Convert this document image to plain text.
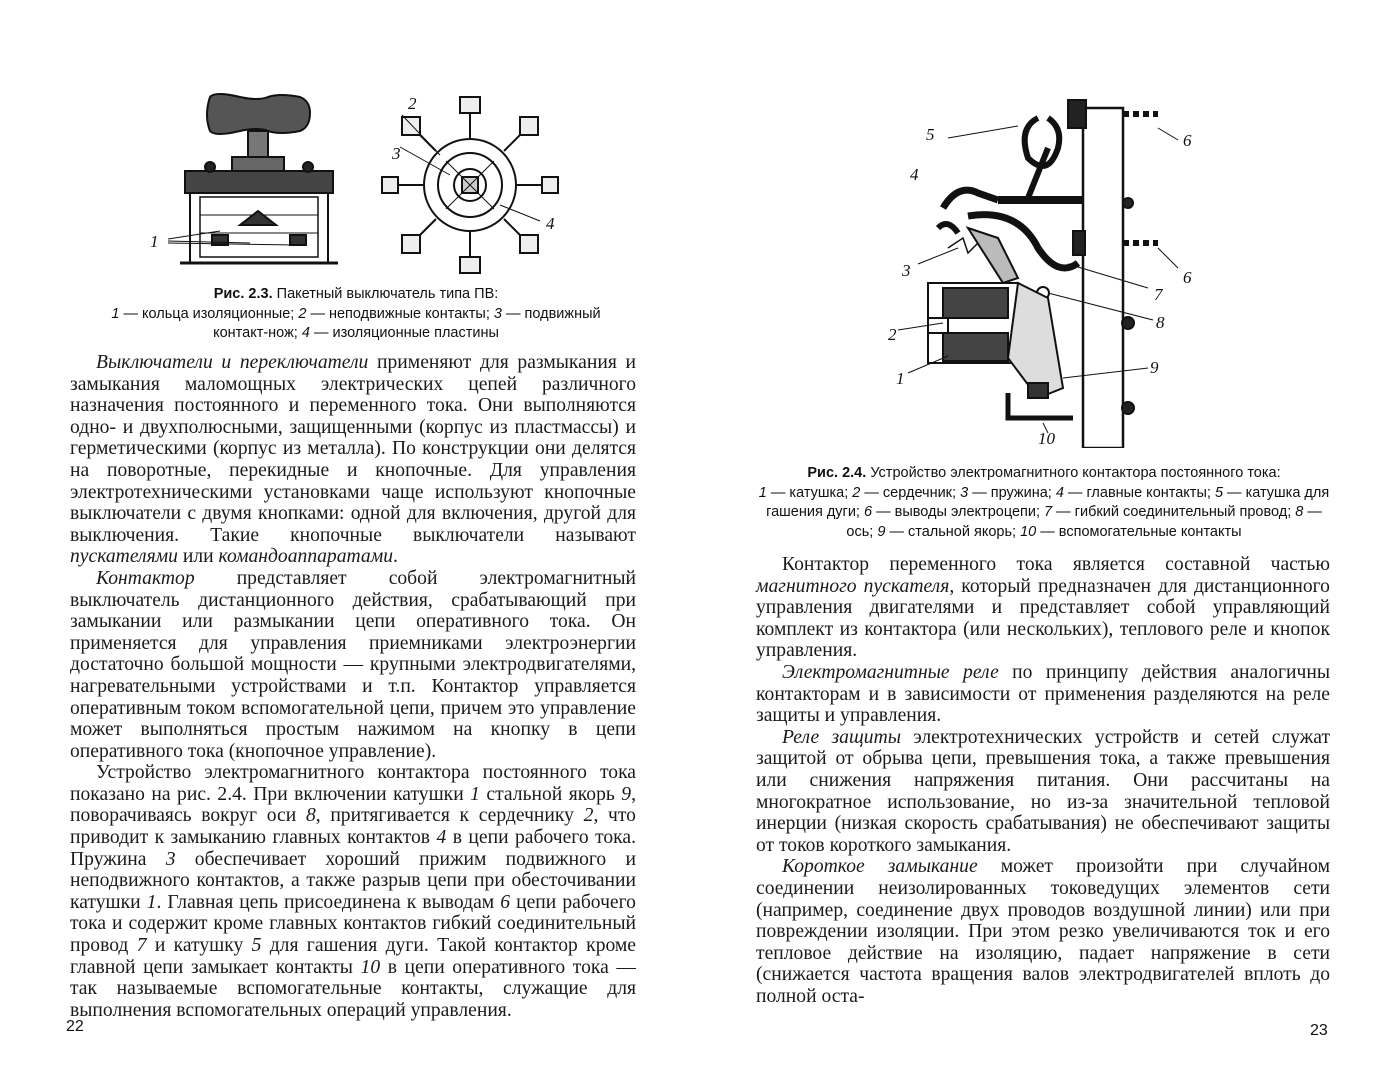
1
2
3
4
Рис. 2.3. Пакетный выключатель типа ПВ:
1 — кольца изоляционные; 2 — неподвижные контакты; 3 — подвижный контакт-нож; 4 — изоляционные пластины

Выключатели и переключатели применяют для размыкания и замыкания маломощных электрических цепей различного назначения постоянного и переменного тока. Они выполняются одно- и двухполюсными, защищенными (корпус из пластмассы) и герметическими (корпус из металла). По конструкции они делятся на поворотные, перекидные и кнопочные. Для управления электротехническими установками чаще используют кнопочные выключатели с двумя кнопками: одной для включения, другой для выключения. Такие кнопочные выключатели называют пускателями или командоаппаратами.

Контактор представляет собой электромагнитный выключатель дистанционного действия, срабатывающий при замыкании или размыкании цепи оперативного тока. Он применяется для управления приемниками электроэнергии достаточно большой мощности — крупными электродвигателями, нагревательными устройствами и т.п. Контактор управляется оперативным током вспомогательной цепи, причем это управление может выполняться простым нажимом на кнопку в цепи оперативного тока (кнопочное управление).

Устройство электромагнитного контактора постоянного тока показано на рис. 2.4. При включении катушки 1 стальной якорь 9, поворачиваясь вокруг оси 8, притягивается к сердечнику 2, что приводит к замыканию главных контактов 4 в цепи рабочего тока. Пружина 3 обеспечивает хороший прижим подвижного и неподвижного контактов, а также разрыв цепи при обесточивании катушки 1. Главная цепь присоединена к выводам 6 цепи рабочего тока и содержит кроме главных контактов гибкий соединительный провод 7 и катушку 5 для гашения дуги. Такой контактор кроме главной цепи замыкает контакты 10 в цепи оперативного тока — так называемые вспомогательные контакты, служащие для выполнения вспомогательных операций управления.

22
5	6
4
6
3
7
8
2
9
1
10
Рис. 2.4. Устройство электромагнитного контактора постоянного тока:
1 — катушка; 2 — сердечник; 3 — пружина; 4 — главные контакты; 5 — катушка для гашения дуги; 6 — выводы электроцепи; 7 — гибкий соединительный провод; 8 — ось; 9 — стальной якорь; 10 — вспомогательные контакты

Контактор переменного тока является составной частью магнитного пускателя, который предназначен для дистанционного управления двигателями и представляет собой управляющий комплект из контактора (или нескольких), теплового реле и кнопок управления.

Электромагнитные реле по принципу действия аналогичны контакторам и в зависимости от применения разделяются на реле защиты и управления.

Реле защиты электротехнических устройств и сетей служат защитой от обрыва цепи, превышения тока, а также превышения или снижения напряжения питания. Они рассчитаны на многократное использование, но из-за значительной тепловой инерции (низкая скорость срабатывания) не обеспечивают защиты от токов короткого замыкания.

Короткое замыкание может произойти при случайном соединении неизолированных токоведущих элементов сети (например, соединение двух проводов воздушной линии) или при повреждении изоляции. При этом резко увеличиваются ток и его тепловое действие на изоляцию, падает напряжение в сети (снижается частота вращения валов электродвигателей вплоть до полной оста-

23
